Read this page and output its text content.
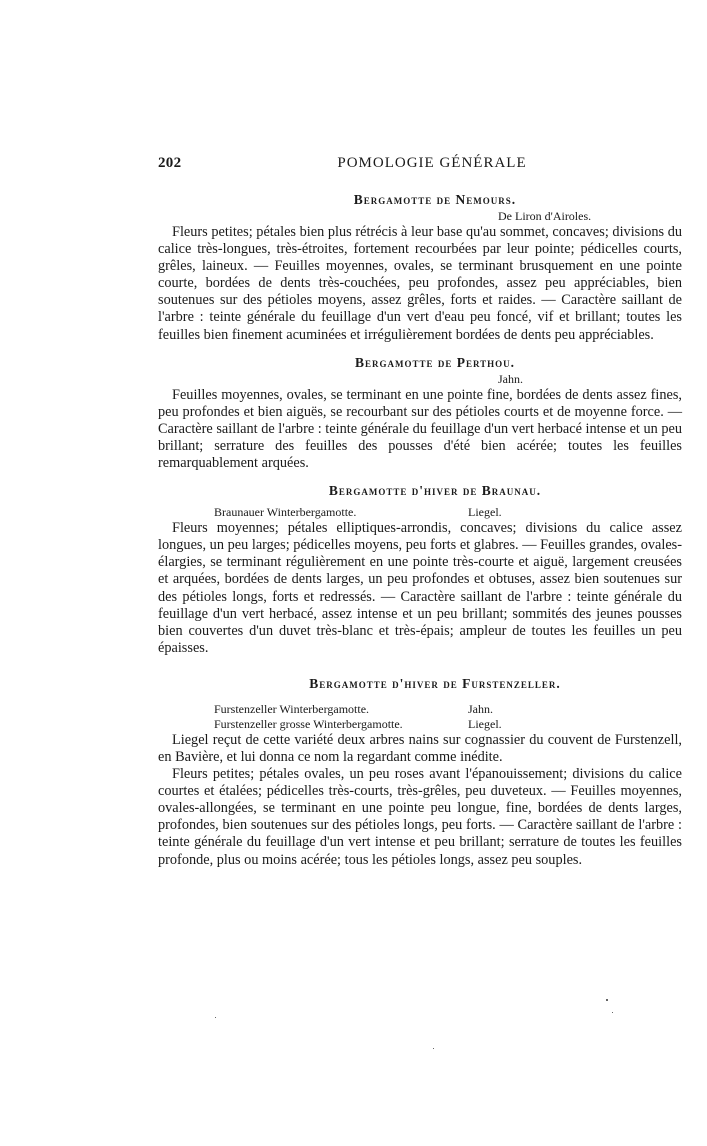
202	POMOLOGIE GÉNÉRALE
Bergamotte de Nemours.
De Liron d'Airoles.

Fleurs petites; pétales bien plus rétrécis à leur base qu'au sommet, concaves; divisions du calice très-longues, très-étroites, fortement recourbées par leur pointe; pédicelles courts, grêles, laineux. — Feuilles moyennes, ovales, se terminant brusquement en une pointe courte, bordées de dents très-couchées, peu profondes, assez peu appréciables, bien soutenues sur des pétioles moyens, assez grêles, forts et raides. — Caractère saillant de l'arbre : teinte générale du feuillage d'un vert d'eau peu foncé, vif et brillant; toutes les feuilles bien finement acuminées et irrégulièrement bordées de dents peu appréciables.

Bergamotte de Perthou.
Jahn.

Feuilles moyennes, ovales, se terminant en une pointe fine, bordées de dents assez fines, peu profondes et bien aiguës, se recourbant sur des pétioles courts et de moyenne force. — Caractère saillant de l'arbre : teinte générale du feuillage d'un vert herbacé intense et un peu brillant; serrature des feuilles des pousses d'été bien acérée; toutes les feuilles remarquablement arquées.

Bergamotte d'hiver de Braunau.
Braunauer Winterbergamotte.	Liegel.

Fleurs moyennes; pétales elliptiques-arrondis, concaves; divisions du calice assez longues, un peu larges; pédicelles moyens, peu forts et glabres. — Feuilles grandes, ovales-élargies, se terminant régulièrement en une pointe très-courte et aiguë, largement creusées et arquées, bordées de dents larges, un peu profondes et obtuses, assez bien soutenues sur des pétioles longs, forts et redressés. — Caractère saillant de l'arbre : teinte générale du feuillage d'un vert herbacé, assez intense et un peu brillant; sommités des jeunes pousses bien couvertes d'un duvet très-blanc et très-épais; ampleur de toutes les feuilles un peu épaisses.

Bergamotte d'hiver de Furstenzeller.
Furstenzeller Winterbergamotte.	Jahn.
Furstenzeller grosse Winterbergamotte.	Liegel.

Liegel reçut de cette variété deux arbres nains sur cognassier du couvent de Furstenzell, en Bavière, et lui donna ce nom la regardant comme inédite.

Fleurs petites; pétales ovales, un peu roses avant l'épanouissement; divisions du calice courtes et étalées; pédicelles très-courts, très-grêles, peu duveteux. — Feuilles moyennes, ovales-allongées, se terminant en une pointe peu longue, fine, bordées de dents larges, profondes, bien soutenues sur des pétioles longs, peu forts. — Caractère saillant de l'arbre : teinte générale du feuillage d'un vert intense et peu brillant; serrature de toutes les feuilles profonde, plus ou moins acérée; tous les pétioles longs, assez peu souples.
